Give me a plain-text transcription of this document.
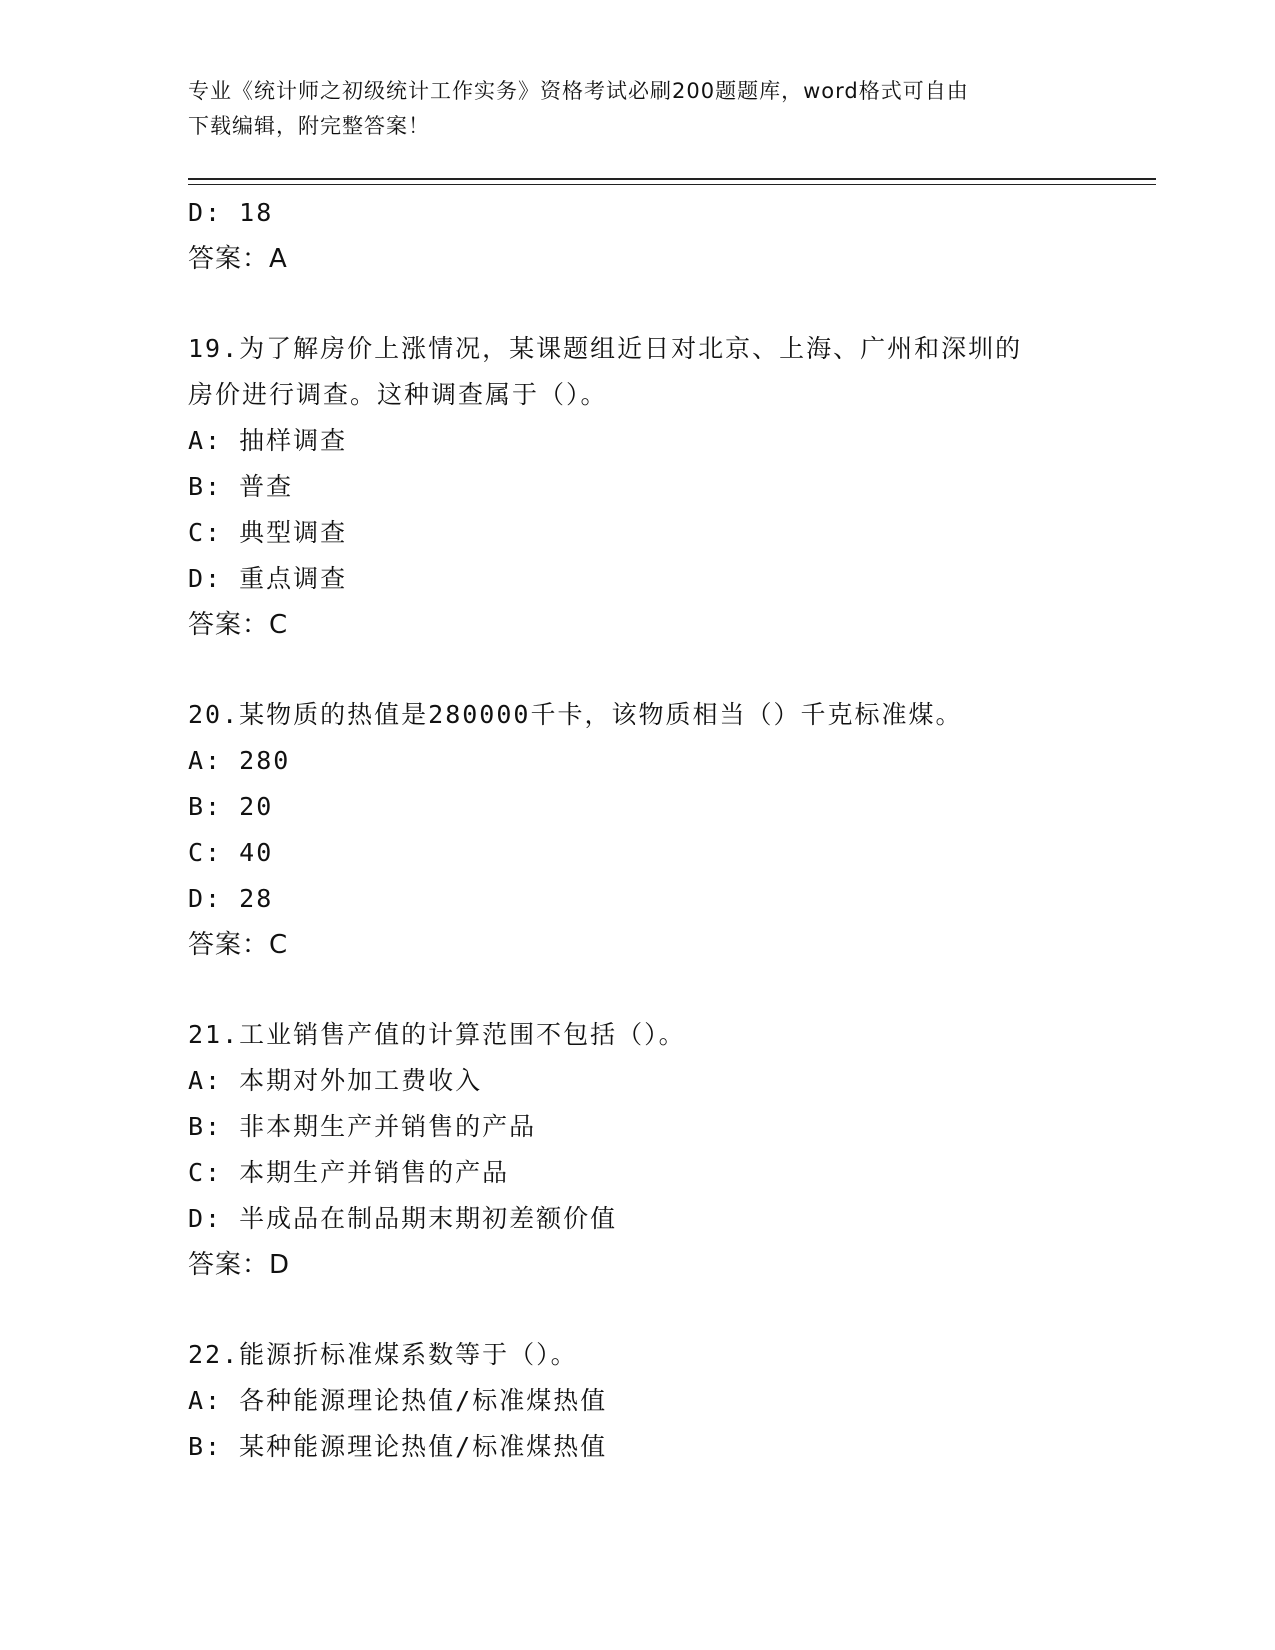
专业《统计师之初级统计工作实务》资格考试必刷200题题库，word格式可自由
下载编辑，附完整答案！
D: 18
答案：A
19.为了解房价上涨情况，某课题组近日对北京、上海、广州和深圳的
房价进行调查。这种调查属于（）。
A: 抽样调查
B: 普查
C: 典型调查
D: 重点调查
答案：C
20.某物质的热值是280000千卡，该物质相当（）千克标准煤。
A: 280
B: 20
C: 40
D: 28
答案：C
21.工业销售产值的计算范围不包括（）。
A: 本期对外加工费收入
B: 非本期生产并销售的产品
C: 本期生产并销售的产品
D: 半成品在制品期末期初差额价值
答案：D
22.能源折标准煤系数等于（）。
A: 各种能源理论热值/标准煤热值
B: 某种能源理论热值/标准煤热值
